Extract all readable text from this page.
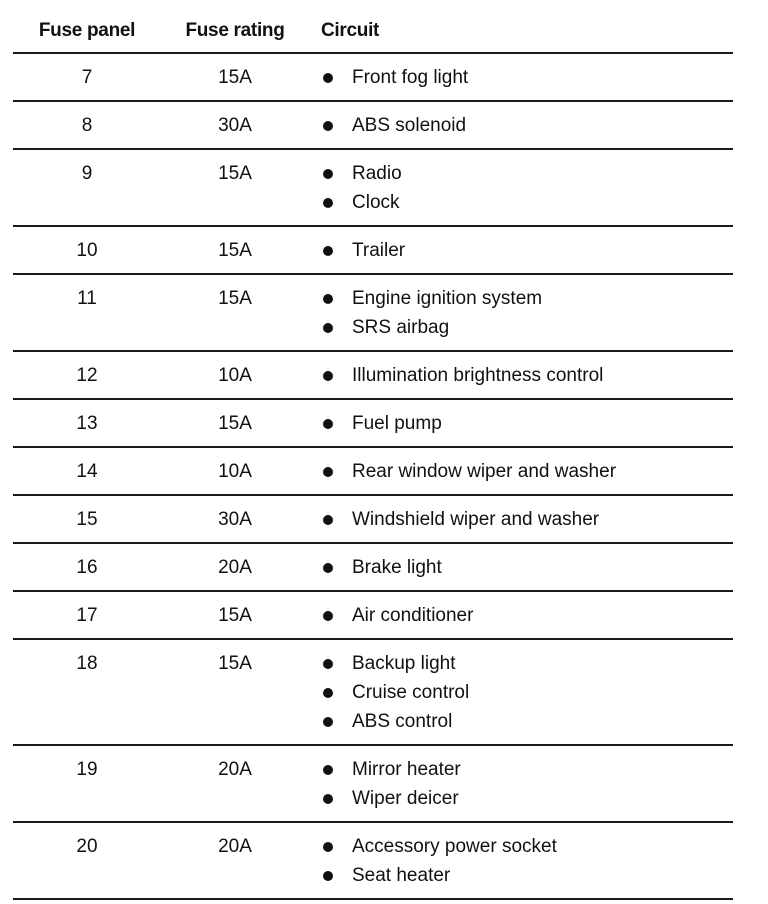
Fuse panel	Fuse rating	Circuit
7	15A	Front fog light
8	30A	ABS solenoid
9	15A	Radio
Clock
10	15A	Trailer
11	15A	Engine ignition system
SRS airbag
12	10A	Illumination brightness control
13	15A	Fuel pump
14	10A	Rear window wiper and washer
15	30A	Windshield wiper and washer
16	20A	Brake light
17	15A	Air conditioner
18	15A	Backup light
Cruise control
ABS control
19	20A	Mirror heater
Wiper deicer
20	20A	Accessory power socket
Seat heater
